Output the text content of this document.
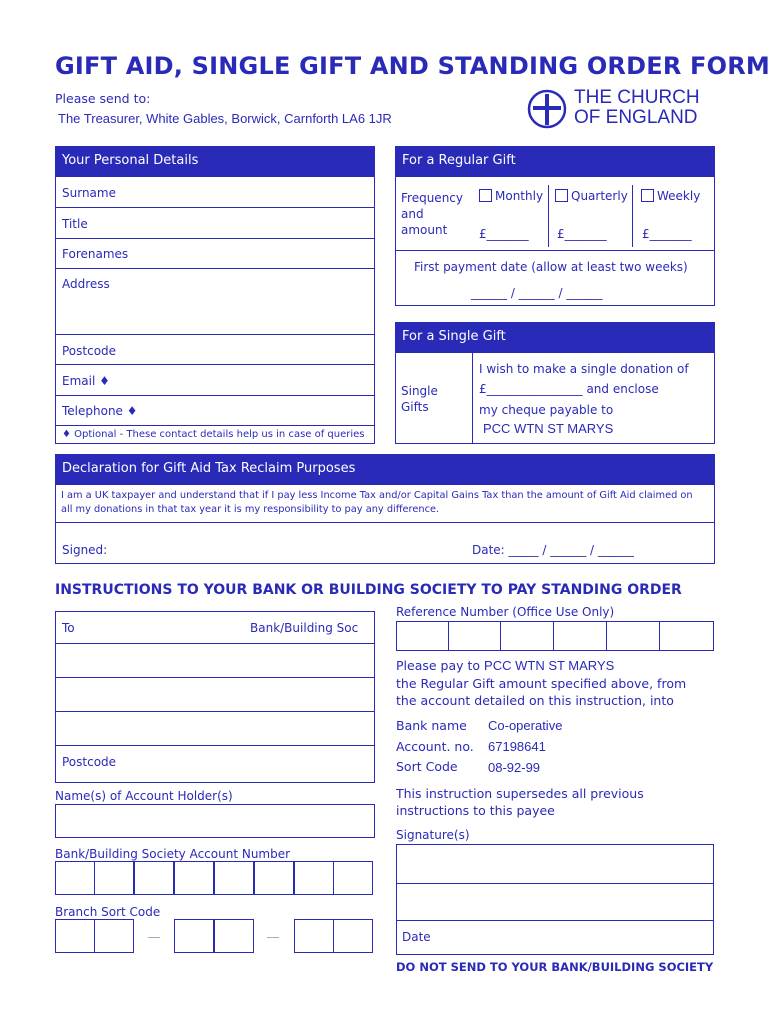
GIFT AID, SINGLE GIFT AND STANDING ORDER FORM
Please send to:
The Treasurer, White Gables, Borwick, Carnforth LA6 1JR
THE CHURCH
OF ENGLAND
Your Personal Details
Surname
Title
Forenames
Address
Postcode
Email ♦
Telephone ♦
♦ Optional - These contact details help us in case of queries
For a Regular Gift
Frequency
and
amount
Monthly	Quarterly	Weekly
£_______ £_______	£_______
First payment date (allow at least two weeks)
______ / ______ / ______
For a Single Gift
Single
Gifts
I wish to make a single donation of
£________________ and enclose
my cheque payable to
PCC WTN ST MARYS
Declaration for Gift Aid Tax Reclaim Purposes
I am a UK taxpayer and understand that if I pay less Income Tax and/or Capital Gains Tax than the amount of Gift Aid claimed on
all my donations in that tax year it is my responsibility to pay any difference.
Signed:	Date: _____ / ______ / ______
INSTRUCTIONS TO YOUR BANK OR BUILDING SOCIETY TO PAY STANDING ORDER
To	Bank/Building Soc
Postcode
Name(s) of Account Holder(s)
Bank/Building Society Account Number
Branch Sort Code
Reference Number (Office Use Only)
Please pay to PCC WTN ST MARYS
the Regular Gift amount specified above, from
the account detailed on this instruction, into
Bank name Co-operative
Account. no. 67198641
Sort Code 08-92-99
This instruction supersedes all previous
instructions to this payee
Signature(s)
Date
DO NOT SEND TO YOUR BANK/BUILDING SOCIETY
